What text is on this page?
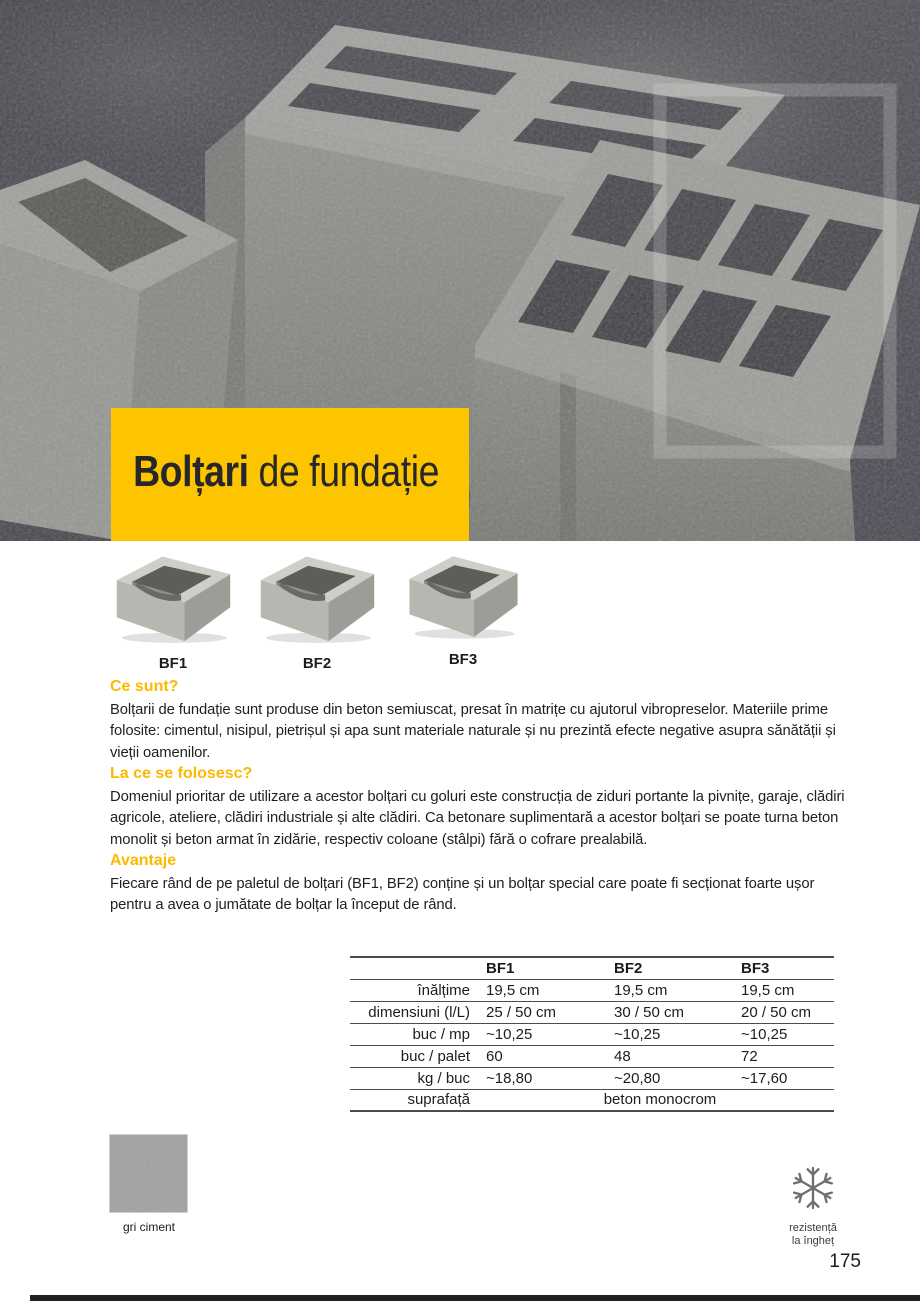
Bolțari de fundație
BF1	BF2	BF3
Ce sunt?

Bolțarii de fundație sunt produse din beton semiuscat, presat în matrițe cu ajutorul vibropreselor. Materiile prime folosite: cimentul, nisipul, pietrișul și apa sunt materiale naturale și nu prezintă efecte negative asupra sănătății și vieții oamenilor.

La ce se folosesc?

Domeniul prioritar de utilizare a acestor bolțari cu goluri este construcția de ziduri portante la pivnițe, garaje, clădiri agricole, ateliere, clădiri industriale și alte clădiri. Ca betonare suplimentară a acestor bolțari se poate turna beton monolit și beton armat în zidărie, respectiv coloane (stâlpi) fără o cofrare prealabilă.

Avantaje

Fiecare rând de pe paletul de bolțari (BF1, BF2) conține și un bolțar special care poate fi secționat foarte ușor pentru a avea o jumătate de bolțar la început de rând.

	BF1	BF2	BF3
înălțime	19,5 cm	19,5 cm	19,5 cm
dimensiuni (l/L)	25 / 50 cm	30 / 50 cm	20 / 50 cm
buc / mp	~10,25	~10,25	~10,25
buc / palet	60	48	72
kg / buc	~18,80	~20,80	~17,60
suprafață	beton monocrom		
gri ciment	rezistență
la îngheț
175
